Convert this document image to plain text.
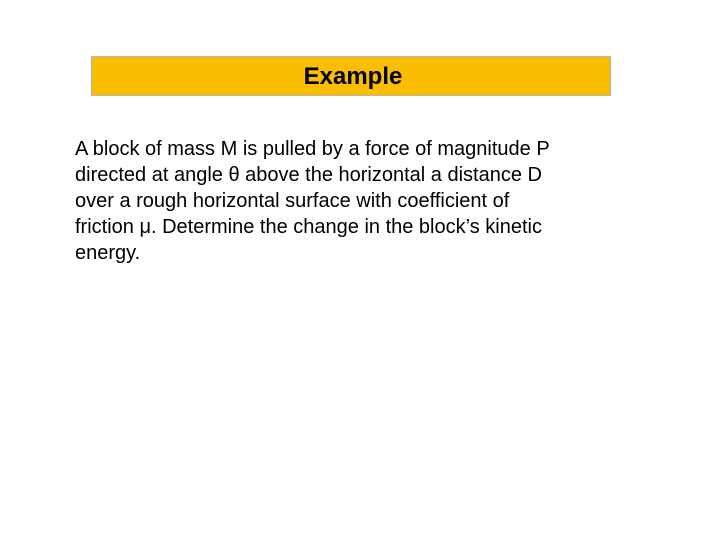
Example
A block of mass M is pulled by a force of magnitude P
directed at angle θ above the horizontal a distance D
over a rough horizontal surface with coefficient of
friction μ. Determine the change in the block’s kinetic
energy.
